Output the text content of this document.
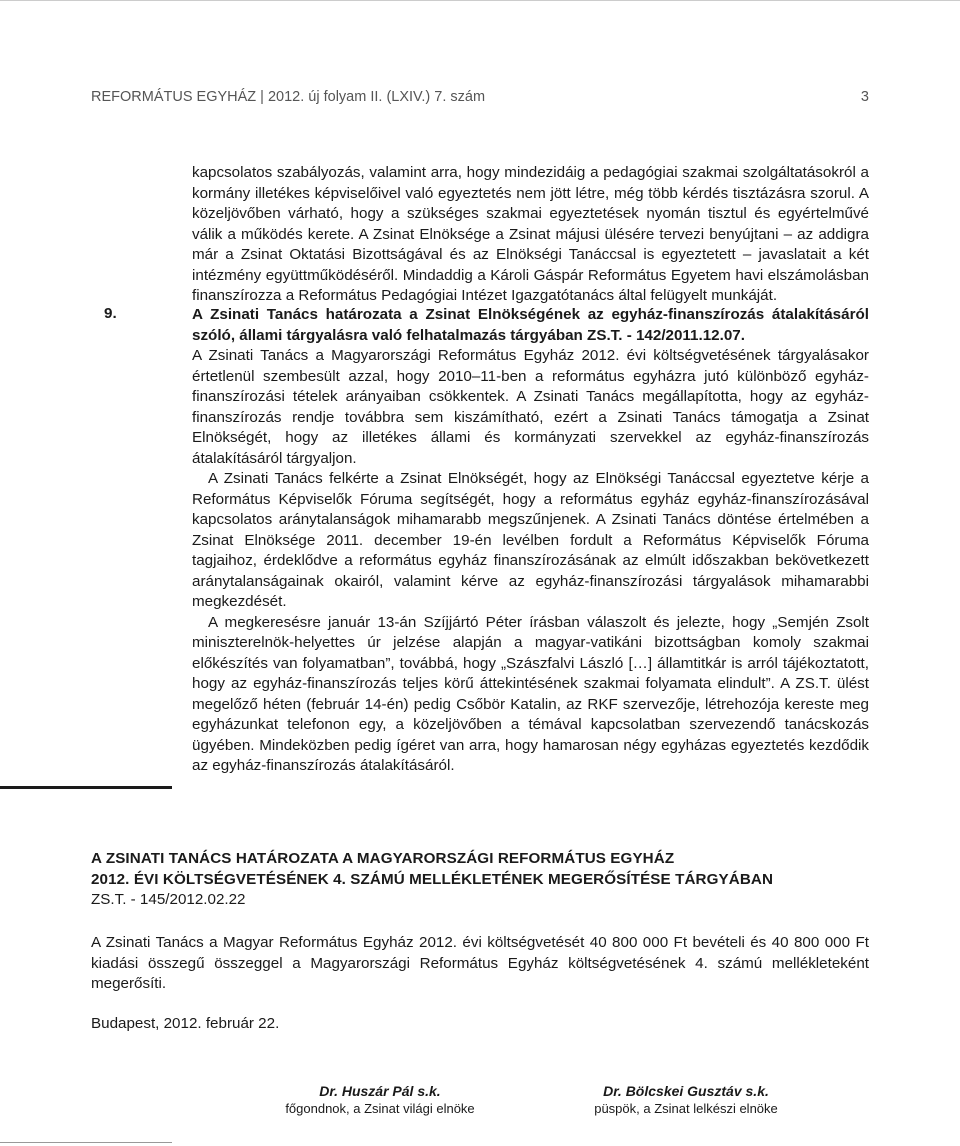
REFORMÁTUS EGYHÁZ | 2012. új folyam II. (LXIV.) 7. szám	3

kapcsolatos szabályozás, valamint arra, hogy mindezidáig a pedagógiai szakmai szolgáltatásokról a kormány illetékes képviselőivel való egyeztetés nem jött létre, még több kérdés tisztázásra szorul. A közeljövőben várható, hogy a szükséges szakmai egyeztetések nyomán tisztul és egyértelművé válik a működés kerete. A Zsinat Elnöksége a Zsinat májusi ülésére tervezi benyújtani – az addigra már a Zsinat Oktatási Bizottságával és az Elnökségi Tanáccsal is egyeztetett – javaslatait a két intézmény együttműködéséről. Mindaddig a Károli Gáspár Református Egyetem havi elszámolásban finanszírozza a Református Pedagógiai Intézet Igazgatótanács által felügyelt munkáját.

9.	A Zsinati Tanács határozata a Zsinat Elnökségének az egyház-finanszírozás átalakításáról szóló, állami tárgyalásra való felhatalmazás tárgyában ZS.T. - 142/2011.12.07.

A Zsinati Tanács a Magyarországi Református Egyház 2012. évi költségvetésének tárgyalásakor értetlenül szembesült azzal, hogy 2010–11-ben a református egyházra jutó különböző egyház-finanszírozási tételek arányaiban csökkentek. A Zsinati Tanács megállapította, hogy az egyház-finanszírozás rendje továbbra sem kiszámítható, ezért a Zsinati Tanács támogatja a Zsinat Elnökségét, hogy az illetékes állami és kormányzati szervekkel az egyház-finanszírozás átalakításáról tárgyaljon.

A Zsinati Tanács felkérte a Zsinat Elnökségét, hogy az Elnökségi Tanáccsal egyeztetve kérje a Református Képviselők Fóruma segítségét, hogy a református egyház egyház-finanszírozásával kapcsolatos aránytalanságok mihamarabb megszűnjenek. A Zsinati Tanács döntése értelmében a Zsinat Elnöksége 2011. december 19-én levélben fordult a Református Képviselők Fóruma tagjaihoz, érdeklődve a református egyház finanszírozásának az elmúlt időszakban bekövetkezett aránytalanságainak okairól, valamint kérve az egyház-finanszírozási tárgyalások mihamarabbi megkezdését.

A megkeresésre január 13-án Szíjjártó Péter írásban válaszolt és jelezte, hogy „Semjén Zsolt miniszterelnök-helyettes úr jelzése alapján a magyar-vatikáni bizottságban komoly szakmai előkészítés van folyamatban”, továbbá, hogy „Szászfalvi László […] államtitkár is arról tájékoztatott, hogy az egyház-finanszírozás teljes körű áttekintésének szakmai folyamata elindult”. A ZS.T. ülést megelőző héten (február 14-én) pedig Csőbör Katalin, az RKF szervezője, létrehozója kereste meg egyházunkat telefonon egy, a közeljövőben a témával kapcsolatban szervezendő tanácskozás ügyében. Mindeközben pedig ígéret van arra, hogy hamarosan négy egyházas egyeztetés kezdődik az egyház-finanszírozás átalakításáról.

A ZSINATI TANÁCS HATÁROZATA A MAGYARORSZÁGI REFORMÁTUS EGYHÁZ
2012. ÉVI KÖLTSÉGVETÉSÉNEK 4. SZÁMÚ MELLÉKLETÉNEK MEGERŐSÍTÉSE TÁRGYÁBAN
ZS.T. - 145/2012.02.22

A Zsinati Tanács a Magyar Református Egyház 2012. évi költségvetését 40 800 000 Ft bevételi és 40 800 000 Ft kiadási összegű összeggel a Magyarországi Református Egyház költségvetésének 4. számú mellékleteként megerősíti.

Budapest, 2012. február 22.
Dr. Huszár Pál s.k.
főgondnok, a Zsinat világi elnöke
Dr. Bölcskei Gusztáv s.k.
püspök, a Zsinat lelkészi elnöke
